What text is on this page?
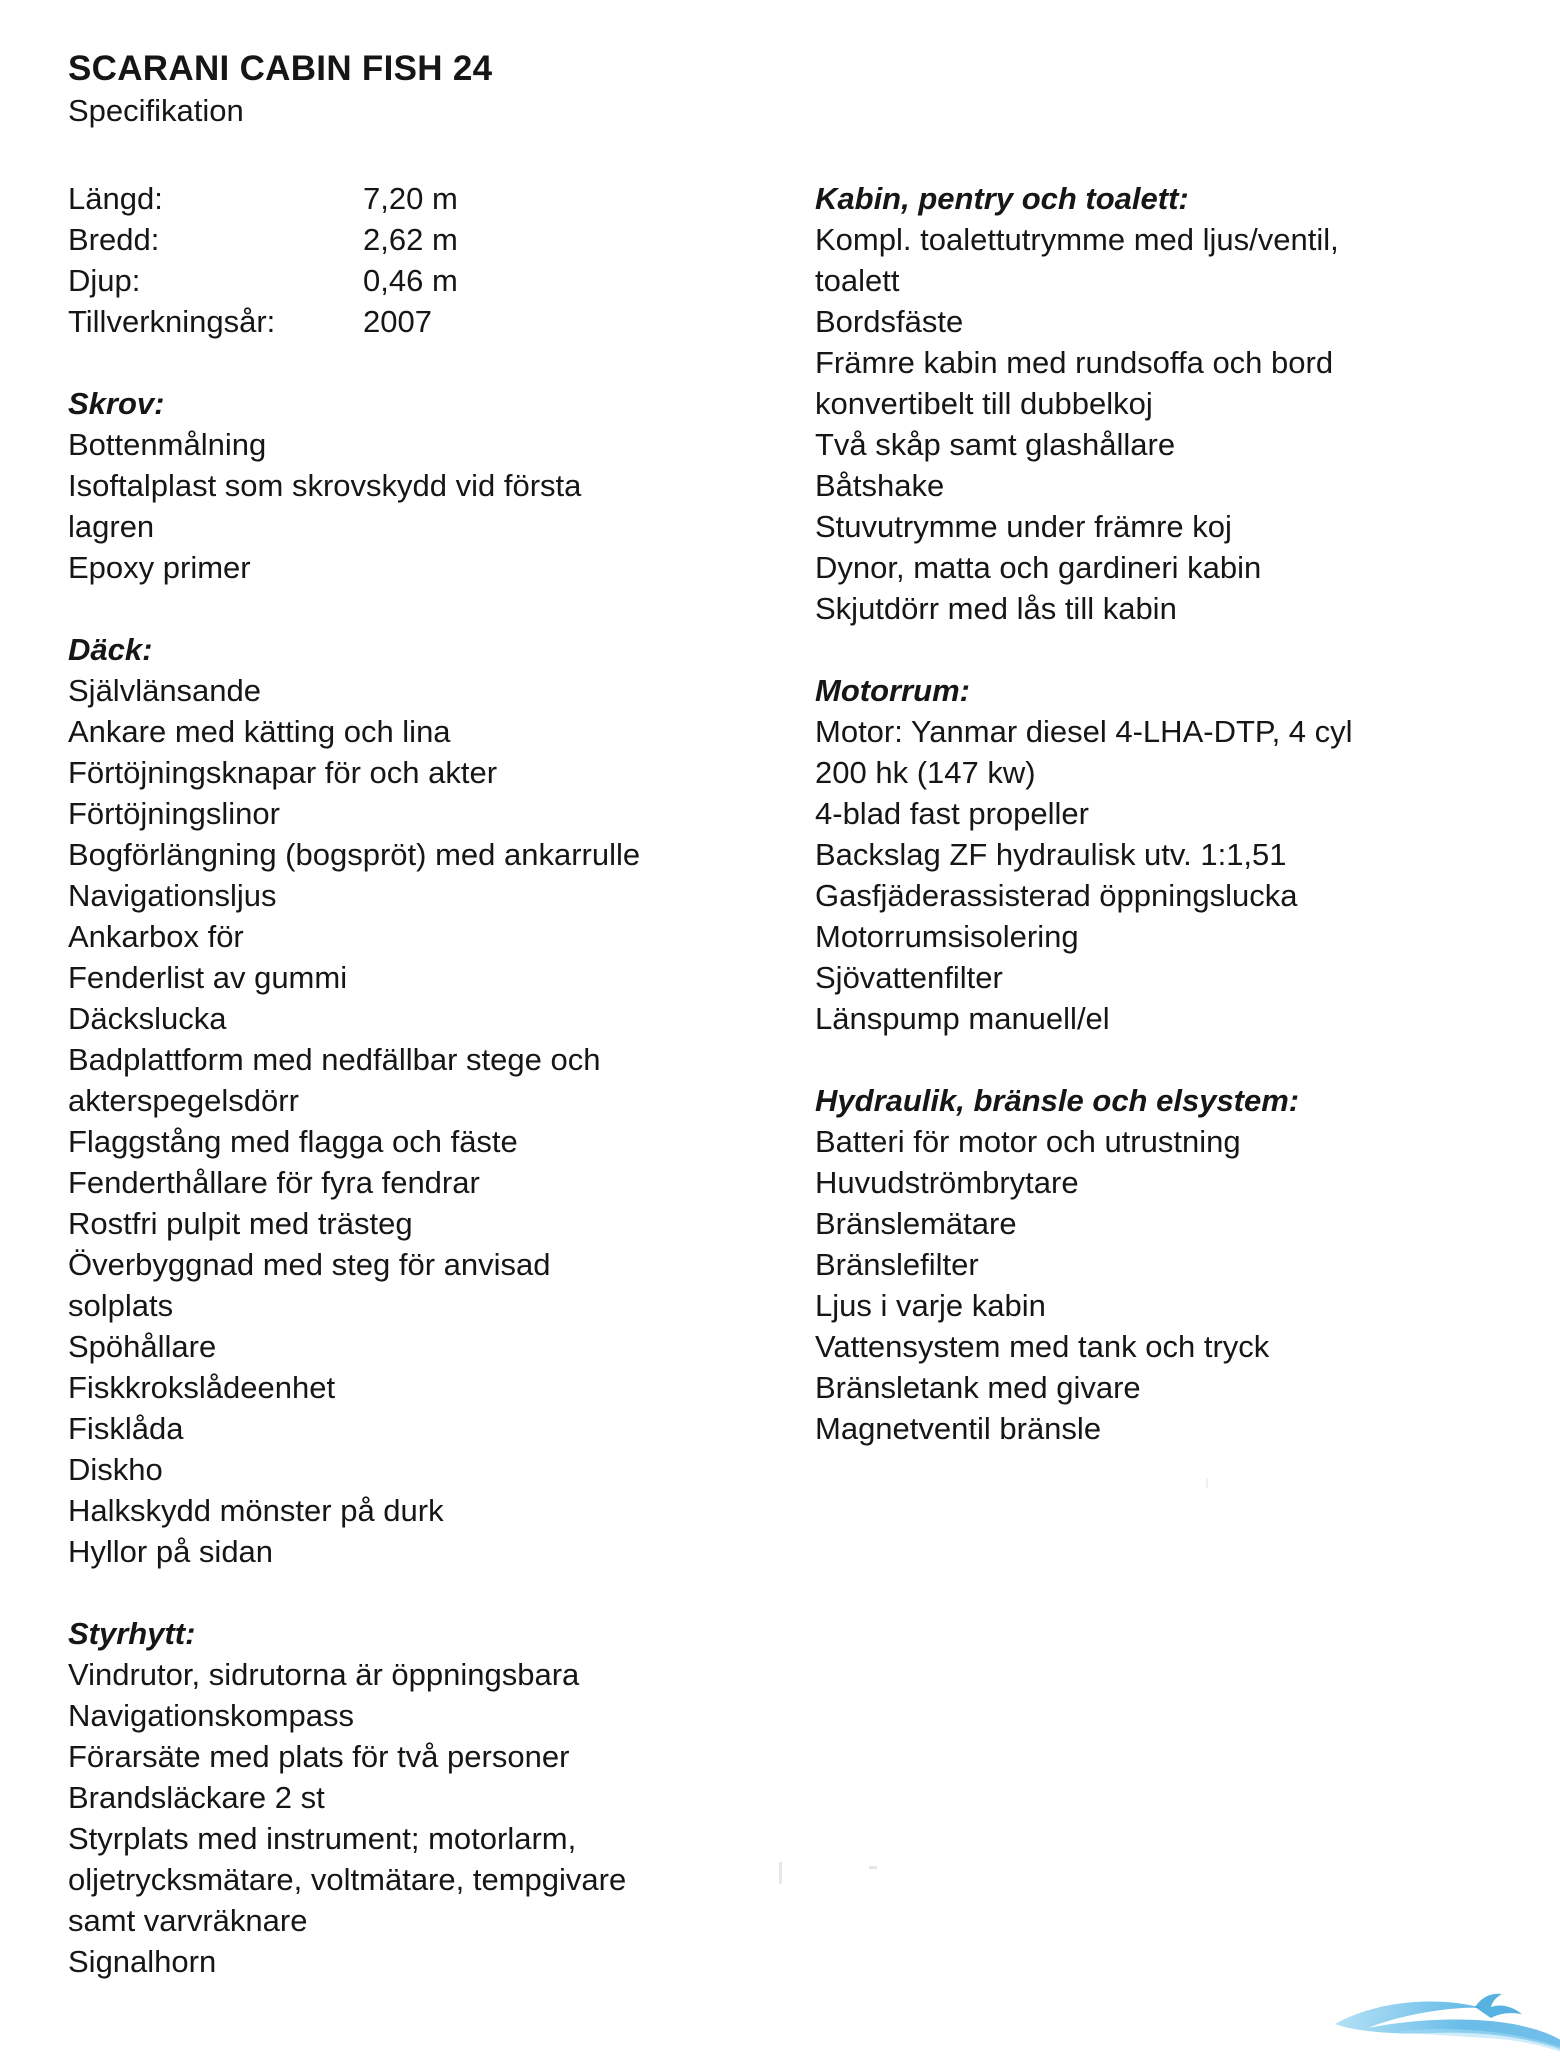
SCARANI CABIN FISH 24
Specifikation
Längd:	7,20 m
Bredd:	2,62 m
Djup:	0,46 m
Tillverkningsår:	2007
Skrov:

Bottenmålning

Isoftalplast som skrovskydd vid första

lagren

Epoxy primer

Däck:

Självlänsande

Ankare med kätting och lina

Förtöjningsknapar för och akter

Förtöjningslinor

Bogförlängning (bogspröt) med ankarrulle

Navigationsljus

Ankarbox för

Fenderlist av gummi

Däckslucka

Badplattform med nedfällbar stege och

akterspegelsdörr

Flaggstång med flagga och fäste

Fenderthållare för fyra fendrar

Rostfri pulpit med trästeg

Överbyggnad med steg för anvisad

solplats

Spöhållare

Fiskkrokslådeenhet

Fisklåda

Diskho

Halkskydd mönster på durk

Hyllor på sidan

Styrhytt:

Vindrutor, sidrutorna är öppningsbara

Navigationskompass

Förarsäte med plats för två personer

Brandsläckare 2 st

Styrplats med instrument; motorlarm,

oljetrycksmätare, voltmätare, tempgivare

samt varvräknare

Signalhorn

Kabin, pentry och toalett:

Kompl. toalettutrymme med ljus/ventil,

toalett

Bordsfäste

Främre kabin med rundsoffa och bord

konvertibelt till dubbelkoj

Två skåp samt glashållare

Båtshake

Stuvutrymme under främre koj

Dynor, matta och gardineri kabin

Skjutdörr med lås till kabin

Motorrum:

Motor: Yanmar diesel 4-LHA-DTP, 4 cyl

200 hk (147 kw)

4-blad fast propeller

Backslag ZF hydraulisk utv. 1:1,51

Gasfjäderassisterad öppningslucka

Motorrumsisolering

Sjövattenfilter

Länspump manuell/el

Hydraulik, bränsle och elsystem:

Batteri för motor och utrustning

Huvudströmbrytare

Bränslemätare

Bränslefilter

Ljus i varje kabin

Vattensystem med tank och tryck

Bränsletank med givare

Magnetventil bränsle
